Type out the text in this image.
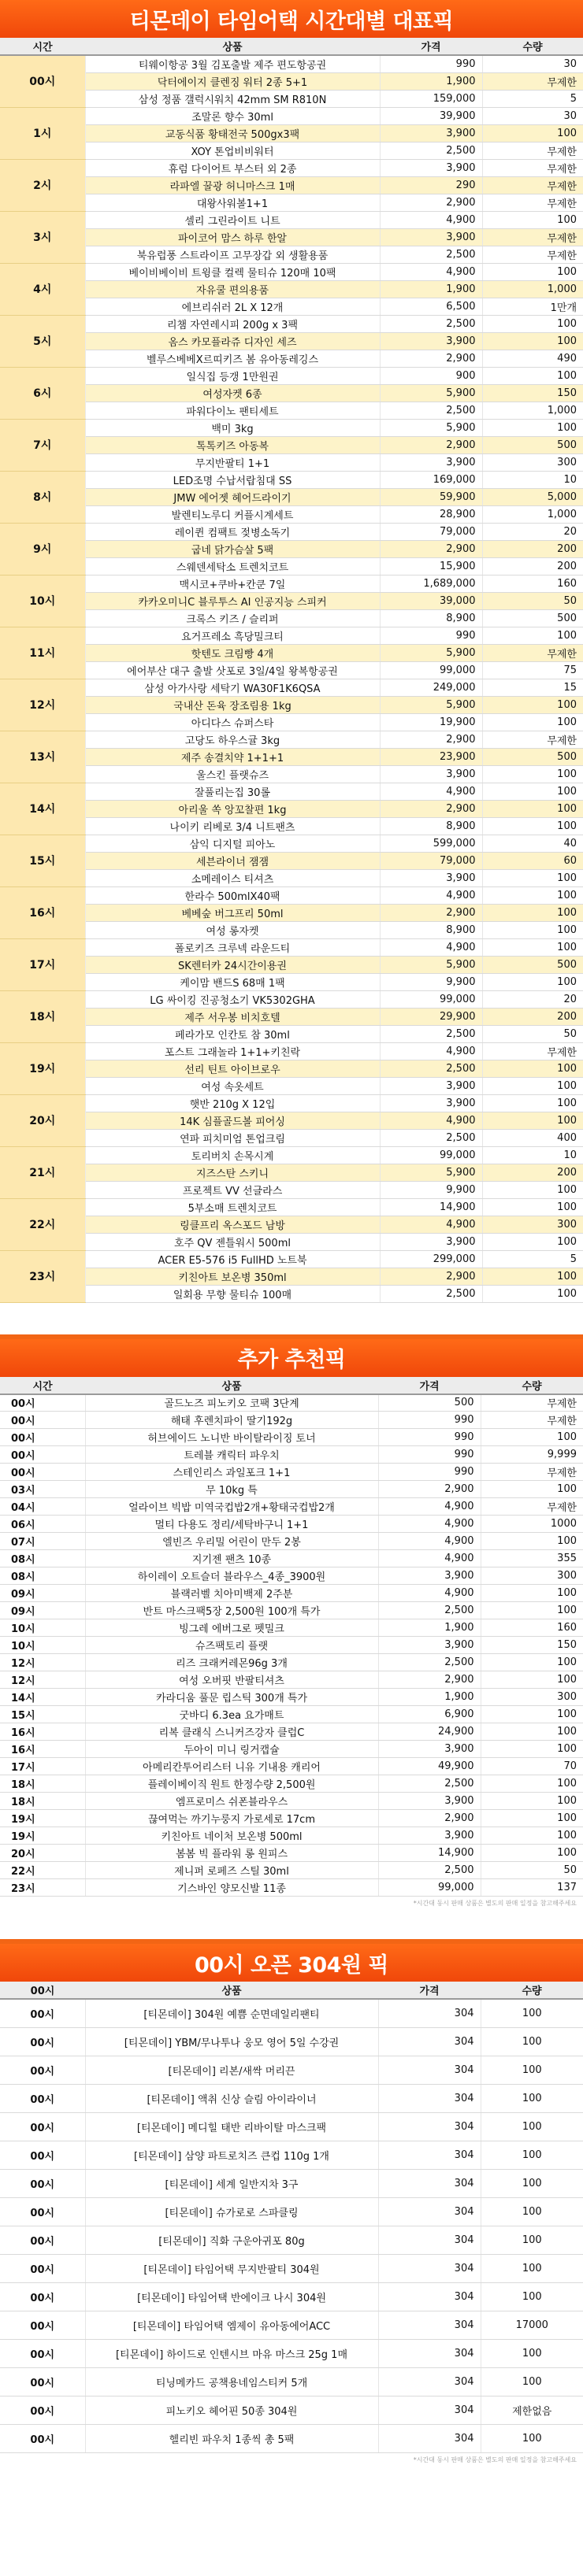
티몬데이 타임어택 시간대별 대표픽
시간	상품	가격	수량
00시	티웨이항공 3월 김포출발 제주 편도항공권	990	30
	닥터에이지 클렌징 워터 2종 5+1	1,900	무제한
	삼성 정품 갤럭시워치 42mm SM R810N	159,000	5
1시	조말론 향수 30ml	39,900	30
	교동식품 황태전국 500gx3팩	3,900	100
	XOY 톤업비비워터	2,500	무제한
2시	휴럼 다이어트 부스터 외 2종	3,900	무제한
	라파엘 꿀광 허니마스크 1매	290	무제한
	대왕사워볼1+1	2,900	무제한
3시	셀리 그린라이트 니트	4,900	100
	파이코어 맘스 하루 한알	3,900	무제한
	북유럽풍 스트라이프 고무장갑 외 생활용품	2,500	무제한
4시	베이비베이비 트윙클 컬렉 물티슈 120매 10팩	4,900	100
	자유쿨 편의용품	1,900	1,000
	에브리쉬러 2L X 12개	6,500	1만개
5시	리챔 자연레시피 200g x 3팩	2,500	100
	옴스 카모플라쥬 디자인 세즈	3,900	100
	벨루스베베X르띠키즈 봄 유아동레깅스	2,900	490
6시	일식집 등갱 1만원권	900	100
	여성자켓 6종	5,900	150
	파워다이노 팬티세트	2,500	1,000
7시	백미 3kg	5,900	100
	톡톡키즈 아동복	2,900	500
	무지반팔티 1+1	3,900	300
8시	LED조명 수납서랍침대 SS	169,000	10
	JMW 에어젯 헤어드라이기	59,900	5,000
	발렌티노루디 커플시계세트	28,900	1,000
9시	레이퀸 컴팩트 젖병소독기	79,000	20
	굽네 닭가슴살 5팩	2,900	200
	스웨덴세탁소 트렌치코트	15,900	200
10시	맥시코+쿠바+칸쿤 7일	1,689,000	160
	카카오미니C 블루투스 AI 인공지능 스피커	39,000	50
	크록스 키즈 / 슬리퍼	8,900	500
11시	요거프레소 흑당밀크티	990	100
	핫텐도 크림빵 4개	5,900	무제한
	에어부산 대구 출발 삿포로 3일/4일 왕복항공권	99,000	75
12시	삼성 아가사랑 세탁기 WA30F1K6QSA	249,000	15
	국내산 돈육 장조림용 1kg	5,900	100
	아디다스 슈퍼스타	19,900	100
13시	고당도 하우스귤 3kg	2,900	무제한
	제주 송결치약 1+1+1	23,900	500
	울스킨 플랫슈즈	3,900	100
14시	잘풀리는집 30롤	4,900	100
	아리울 쏙 앙꼬찰편 1kg	2,900	100
	나이키 리베로 3/4 니트팬츠	8,900	100
15시	삼익 디지털 피아노	599,000	40
	세븐라이너 잼잼	79,000	60
	소메레이스 티셔츠	3,900	100
16시	한라수 500mlX40팩	4,900	100
	베베숲 버그프리 50ml	2,900	100
	여성 롱자켓	8,900	100
17시	폴로키즈 크루넥 라운드티	4,900	100
	SK렌터카 24시간이용권	5,900	500
	케이맘 밴드S 68매 1팩	9,900	100
18시	LG 싸이킹 진공청소기 VK5302GHA	99,000	20
	제주 서우봉 비치호텔	29,900	200
	페라가모 인칸토 참 30ml	2,500	50
19시	포스트 그래놀라 1+1+키친락	4,900	무제한
	선리 틴트 아이브로우	2,500	100
	여성 속옷세트	3,900	100
20시	햇반 210g X 12입	3,900	100
	14K 심플골드볼 피어싱	4,900	100
	연파 피치미엄 톤업크림	2,500	400
21시	토리버치 손목시계	99,000	10
	지즈스탄 스키니	5,900	200
	프로젝트 VV 선글라스	9,900	100
22시	5부소매 트렌치코트	14,900	100
	링클프리 옥스포드 남방	4,900	300
	호주 QV 젠틀워시 500ml	3,900	100
23시	ACER E5-576 i5 FullHD 노트북	299,000	5
	키친아트 보온병 350ml	2,900	100
	일회용 무향 물티슈 100매	2,500	100
추가 추천픽
시간	상품	가격	수량
00시	골드노즈 피노키오 코팩 3단계	500	무제한
00시	해태 후렌치파이 딸기192g	990	무제한
00시	허브에이드 노니반 바이탈라이징 토너	990	100
00시	트레블 캐릭터 파우치	990	9,999
00시	스테인리스 과일포크 1+1	990	무제한
03시	무 10kg 특	2,900	100
04시	얼라이브 빅밥 미역국컵밥2개+황태국컵밥2개	4,900	무제한
06시	멀티 다용도 정리/세탁바구니 1+1	4,900	1000
07시	엘빈즈 우리밀 어린이 만두 2봉	4,900	100
08시	지기젠 팬츠 10종	4,900	355
08시	하이레이 오트슬더 블라우스_4종_3900원	3,900	300
09시	블랙러벨 치아미백제 2주분	4,900	100
09시	반트 마스크팩5장 2,500원 100개 특가	2,500	100
10시	빙그레 에버그로 펫밀크	1,900	160
10시	슈즈팩토리 플랫	3,900	150
12시	리즈 크래커레몬96g 3개	2,500	100
12시	여성 오버핏 반팔티셔츠	2,900	100
14시	카라디움 풀문 립스틱 300개 특가	1,900	300
15시	굿바디 6.3ea 요가매트	6,900	100
16시	리복 클래식 스니커즈강자 클럽C	24,900	100
16시	두아이 미니 링거캡슐	3,900	100
17시	아메리칸투어리스터 니유 기내용 캐리어	49,900	70
18시	플레이베이직 원트 한정수량 2,500원	2,500	100
18시	엠프로미스 쉬폰블라우스	3,900	100
19시	끊여먹는 까기누룽지 가로세로 17cm	2,900	100
19시	키친아트 네이처 보온병 500ml	3,900	100
20시	봄봄 빅 플라워 롱 원피스	14,900	100
22시	제니퍼 로페즈 스틸 30ml	2,500	50
23시	기스바인 양모신발 11종	99,000	137
*시간대 동시 판매 상품은 별도의 판매 일정을 참고해주세요
00시 오픈 304원 픽
00시	상품	가격	수량
00시	[티몬데이] 304원 예쁨 순면데일리팬티	304	100
00시	[티몬데이] YBM/무나투나 웅모 영어 5일 수강권	304	100
00시	[티몬데이] 리본/새싹 머리끈	304	100
00시	[티몬데이] 액취 신상 슬림 아이라이너	304	100
00시	[티몬데이] 메디힐 태반 리바이탈 마스크팩	304	100
00시	[티몬데이] 삼양 파트로치즈 큰컵 110g 1개	304	100
00시	[티몬데이] 세계 일반지차 3구	304	100
00시	[티몬데이] 슈가로로 스파클링	304	100
00시	[티몬데이] 직화 구운아귀포 80g	304	100
00시	[티몬데이] 타임어택 무지반팔티 304원	304	100
00시	[티몬데이] 타임어택 반에이크 나시 304원	304	100
00시	[티몬데이] 타임어택 엠제이 유아동에어ACC	304	17000
00시	[티몬데이] 하이드로 인텐시브 마유 마스크 25g 1매	304	100
00시	티닝메카드 공책용네임스티커 5개	304	100
00시	피노키오 헤어핀 50종 304원	304	제한없음
00시	헬리빈 파우치 1종씩 총 5팩	304	100
*시간대 동시 판매 상품은 별도의 판매 일정을 참고해주세요
